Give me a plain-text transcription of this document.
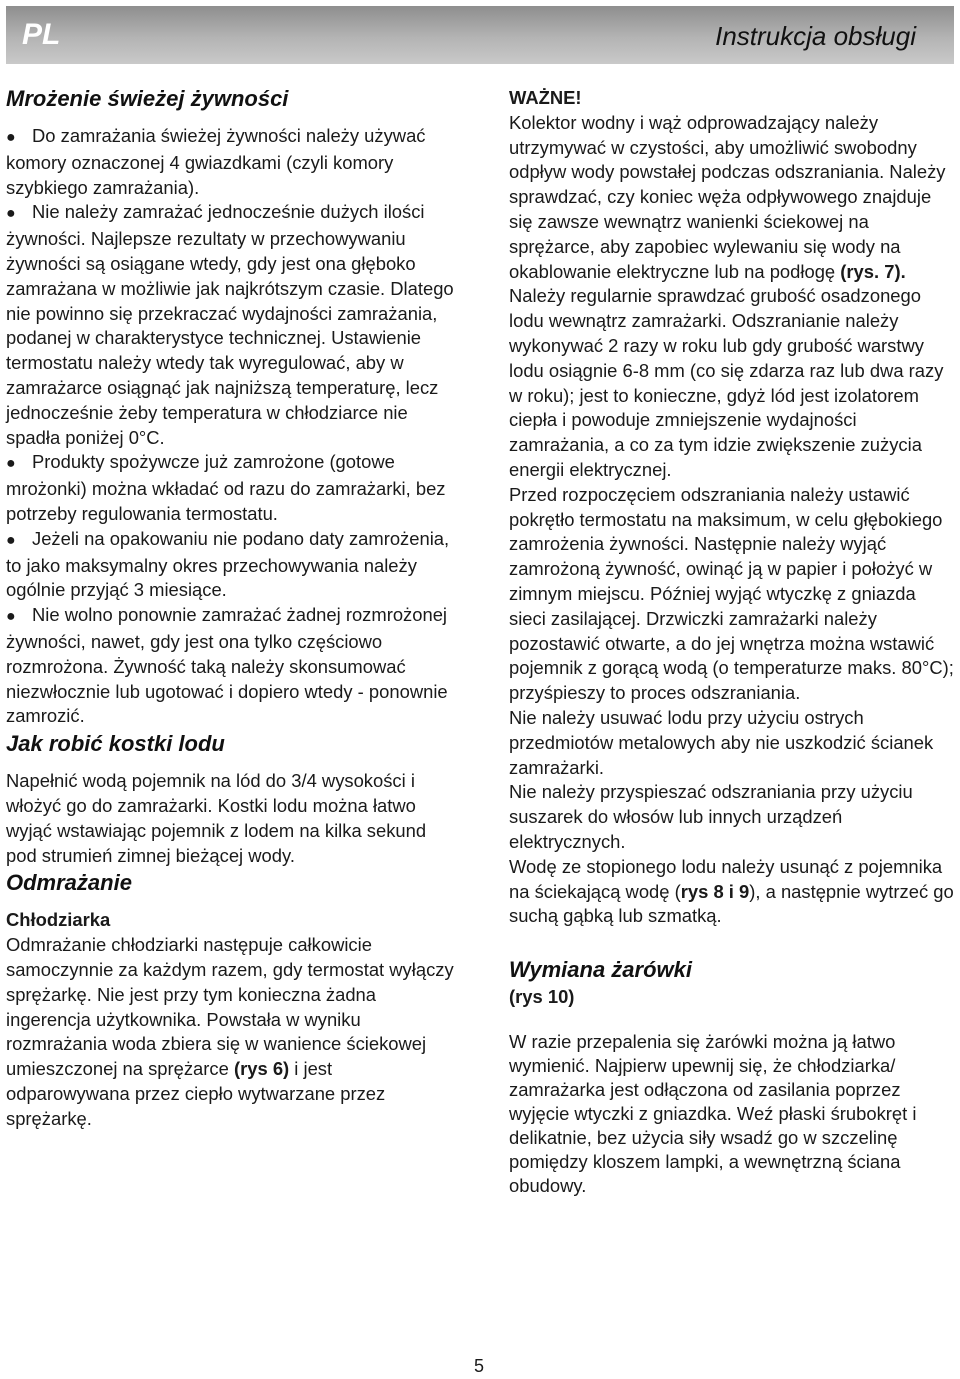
PL	Instrukcja obsługi
Mrożenie świeżej żywności
● Do zamrażania świeżej żywności należy używać komory oznaczonej 4 gwiazdkami (czyli komory szybkiego zamrażania).
● Nie należy zamrażać jednocześnie dużych ilości żywności. Najlepsze rezultaty w przechowywaniu żywności są osiągane wtedy, gdy jest ona głęboko zamrażana w możliwie jak najkrótszym czasie. Dlatego nie powinno się przekraczać wydajności zamrażania, podanej w charakterystyce technicznej. Ustawienie termostatu należy wtedy tak wyregulować, aby w zamrażarce osiągnąć jak najniższą temperaturę, lecz jednocześnie żeby temperatura w chłodziarce nie spadła poniżej 0°C.
● Produkty spożywcze już zamrożone (gotowe mrożonki) można wkładać od razu do zamrażarki, bez potrzeby regulowania termostatu.
● Jeżeli na opakowaniu nie podano daty zamrożenia, to jako maksymalny okres przechowywania należy ogólnie przyjąć 3 miesiące.
● Nie wolno ponownie zamrażać żadnej rozmrożonej żywności, nawet, gdy jest ona tylko częściowo rozmrożona. Żywność taką należy skonsumować niezwłocznie lub ugotować i dopiero wtedy - ponownie zamrozić.
Jak robić kostki lodu

Napełnić wodą pojemnik na lód do 3/4 wysokości i włożyć go do zamrażarki. Kostki lodu można łatwo wyjąć wstawiając pojemnik z lodem na kilka sekund pod strumień zimnej bieżącej wody.

Odmrażanie

Chłodziarka

Odmrażanie chłodziarki następuje całkowicie samoczynnie za każdym razem, gdy termostat wyłączy sprężarkę. Nie jest przy tym konieczna żadna ingerencja użytkownika. Powstała w wyniku rozmrażania woda zbiera się w wanience ściekowej umieszczonej na sprężarce (rys 6) i jest odparowywana przez ciepło wytwarzane przez sprężarkę.

WAŻNE!

Kolektor wodny i wąż odprowadzający należy utrzymywać w czystości, aby umożliwić swobodny odpływ wody powstałej podczas odszraniania. Należy sprawdzać, czy koniec węża odpływowego znajduje się zawsze wewnątrz wanienki ściekowej na sprężarce, aby zapobiec wylewaniu się wody na okablowanie elektryczne lub na podłogę (rys. 7). Należy regularnie sprawdzać grubość osadzonego lodu wewnątrz zamrażarki. Odszranianie należy wykonywać 2 razy w roku lub gdy grubość warstwy lodu osiągnie 6-8 mm (co się zdarza raz lub dwa razy w roku); jest to konieczne, gdyż lód jest izolatorem ciepła i powoduje zmniejszenie wydajności zamrażania, a co za tym idzie zwiększenie zużycia energii elektrycznej.

Przed rozpoczęciem odszraniania należy ustawić pokrętło termostatu na maksimum, w celu głębokiego zamrożenia żywności. Następnie należy wyjąć zamrożoną żywność, owinąć ją w papier i położyć w zimnym miejscu. Później wyjąć wtyczkę z gniazda sieci zasilającej. Drzwiczki zamrażarki należy pozostawić otwarte, a do jej wnętrza można wstawić pojemnik z gorącą wodą (o temperaturze maks. 80°C); przyśpieszy to proces odszraniania.

Nie należy usuwać lodu przy użyciu ostrych przedmiotów metalowych aby nie uszkodzić ścianek zamrażarki.

Nie należy przyspieszać odszraniania przy użyciu suszarek do włosów lub innych urządzeń elektrycznych.

Wodę ze stopionego lodu należy usunąć z pojemnika na ściekającą wodę (rys 8 i 9), a następnie wytrzeć go suchą gąbką lub szmatką.

Wymiana żarówki

(rys 10)

W razie przepalenia się żarówki można ją łatwo wymienić. Najpierw upewnij się, że chłodziarka/ zamrażarka jest odłączona od zasilania poprzez wyjęcie wtyczki z gniazdka. Weź płaski śrubokręt i delikatnie, bez użycia siły wsadź go w szczelinę pomiędzy kloszem lampki, a wewnętrzną ściana obudowy.

5
